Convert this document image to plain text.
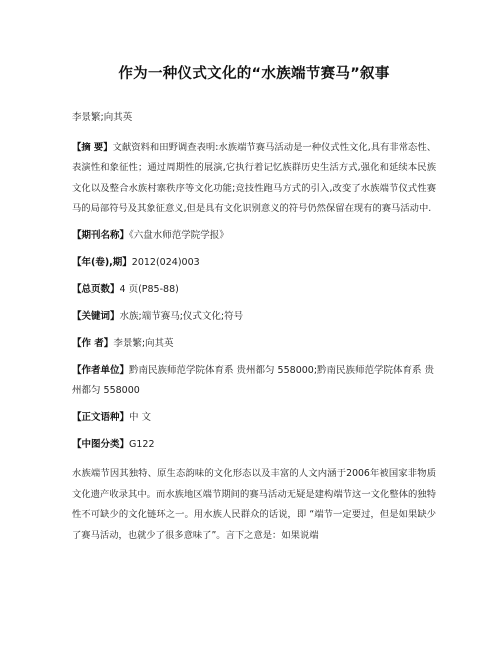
作为一种仪式文化的“水族端节赛马”叙事
李景繁;向其英

【摘 要】文献资料和田野调查表明:水族端节赛马活动是一种仪式性文化,具有非常态性、表演性和象征性；通过周期性的展演,它执行着记忆族群历史生活方式,强化和延续本民族文化以及整合水族村寨秩序等文化功能;竞技性跑马方式的引入,改变了水族端节仪式性赛马的局部符号及其象征意义,但是具有文化识别意义的符号仍然保留在现有的赛马活动中.

【期刊名称】《六盘水师范学院学报》

【年(卷),期】2012(024)003

【总页数】4 页(P85-88)

【关键词】水族;端节赛马;仪式文化;符号

【作 者】李景繁;向其英

【作者单位】黔南民族师范学院体育系 贵州都匀 558000;黔南民族师范学院体育系 贵州都匀 558000

【正文语种】中 文

【中图分类】G122

水族端节因其独特、原生态韵味的文化形态以及丰富的人文内涵于2006年被国家非物质文化遗产收录其中。而水族地区端节期间的赛马活动无疑是建构端节这一文化整体的独特性不可缺少的文化链环之一。用水族人民群众的话说，即 “端节一定要过，但是如果缺少了赛马活动，也就少了很多意味了”。言下之意是：如果说端
